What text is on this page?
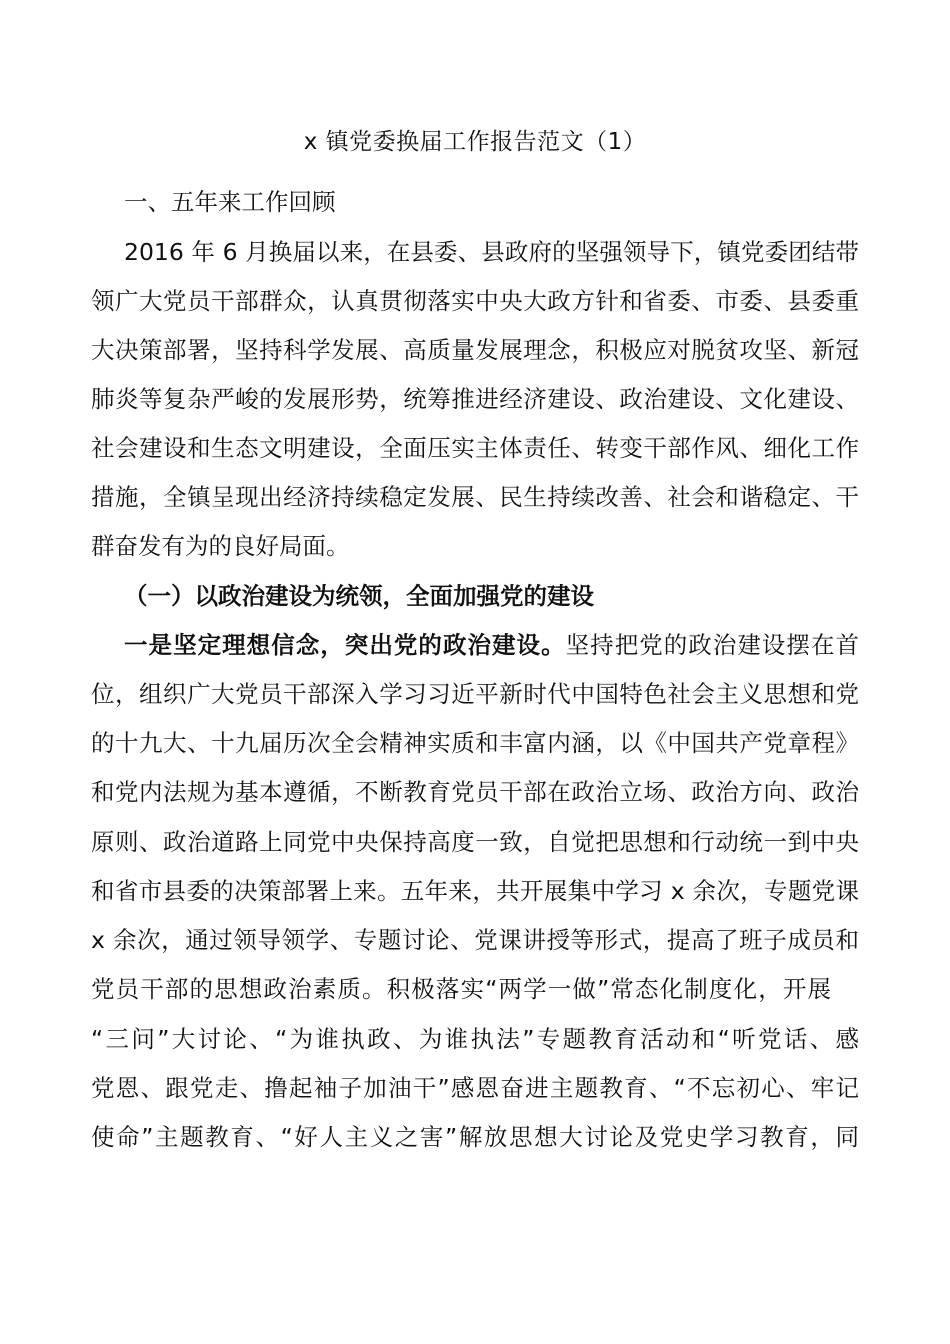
x 镇党委换届工作报告范文（1）
一、五年来工作回顾
2016 年 6 月换届以来，在县委、县政府的坚强领导下，镇党委团结带
领广大党员干部群众，认真贯彻落实中央大政方针和省委、市委、县委重
大决策部署，坚持科学发展、高质量发展理念，积极应对脱贫攻坚、新冠
肺炎等复杂严峻的发展形势，统筹推进经济建设、政治建设、文化建设、
社会建设和生态文明建设，全面压实主体责任、转变干部作风、细化工作
措施，全镇呈现出经济持续稳定发展、民生持续改善、社会和谐稳定、干
群奋发有为的良好局面。
（一）以政治建设为统领，全面加强党的建设
一是坚定理想信念，突出党的政治建设。坚持把党的政治建设摆在首
位，组织广大党员干部深入学习习近平新时代中国特色社会主义思想和党
的十九大、十九届历次全会精神实质和丰富内涵，以《中国共产党章程》
和党内法规为基本遵循，不断教育党员干部在政治立场、政治方向、政治
原则、政治道路上同党中央保持高度一致，自觉把思想和行动统一到中央
和省市县委的决策部署上来。五年来，共开展集中学习 x 余次，专题党课
x 余次，通过领导领学、专题讨论、党课讲授等形式，提高了班子成员和
党员干部的思想政治素质。积极落实“两学一做”常态化制度化，开展
“三问”大讨论、“为谁执政、为谁执法”专题教育活动和“听党话、感
党恩、跟党走、撸起袖子加油干”感恩奋进主题教育、“不忘初心、牢记
使命”主题教育、“好人主义之害”解放思想大讨论及党史学习教育，同
